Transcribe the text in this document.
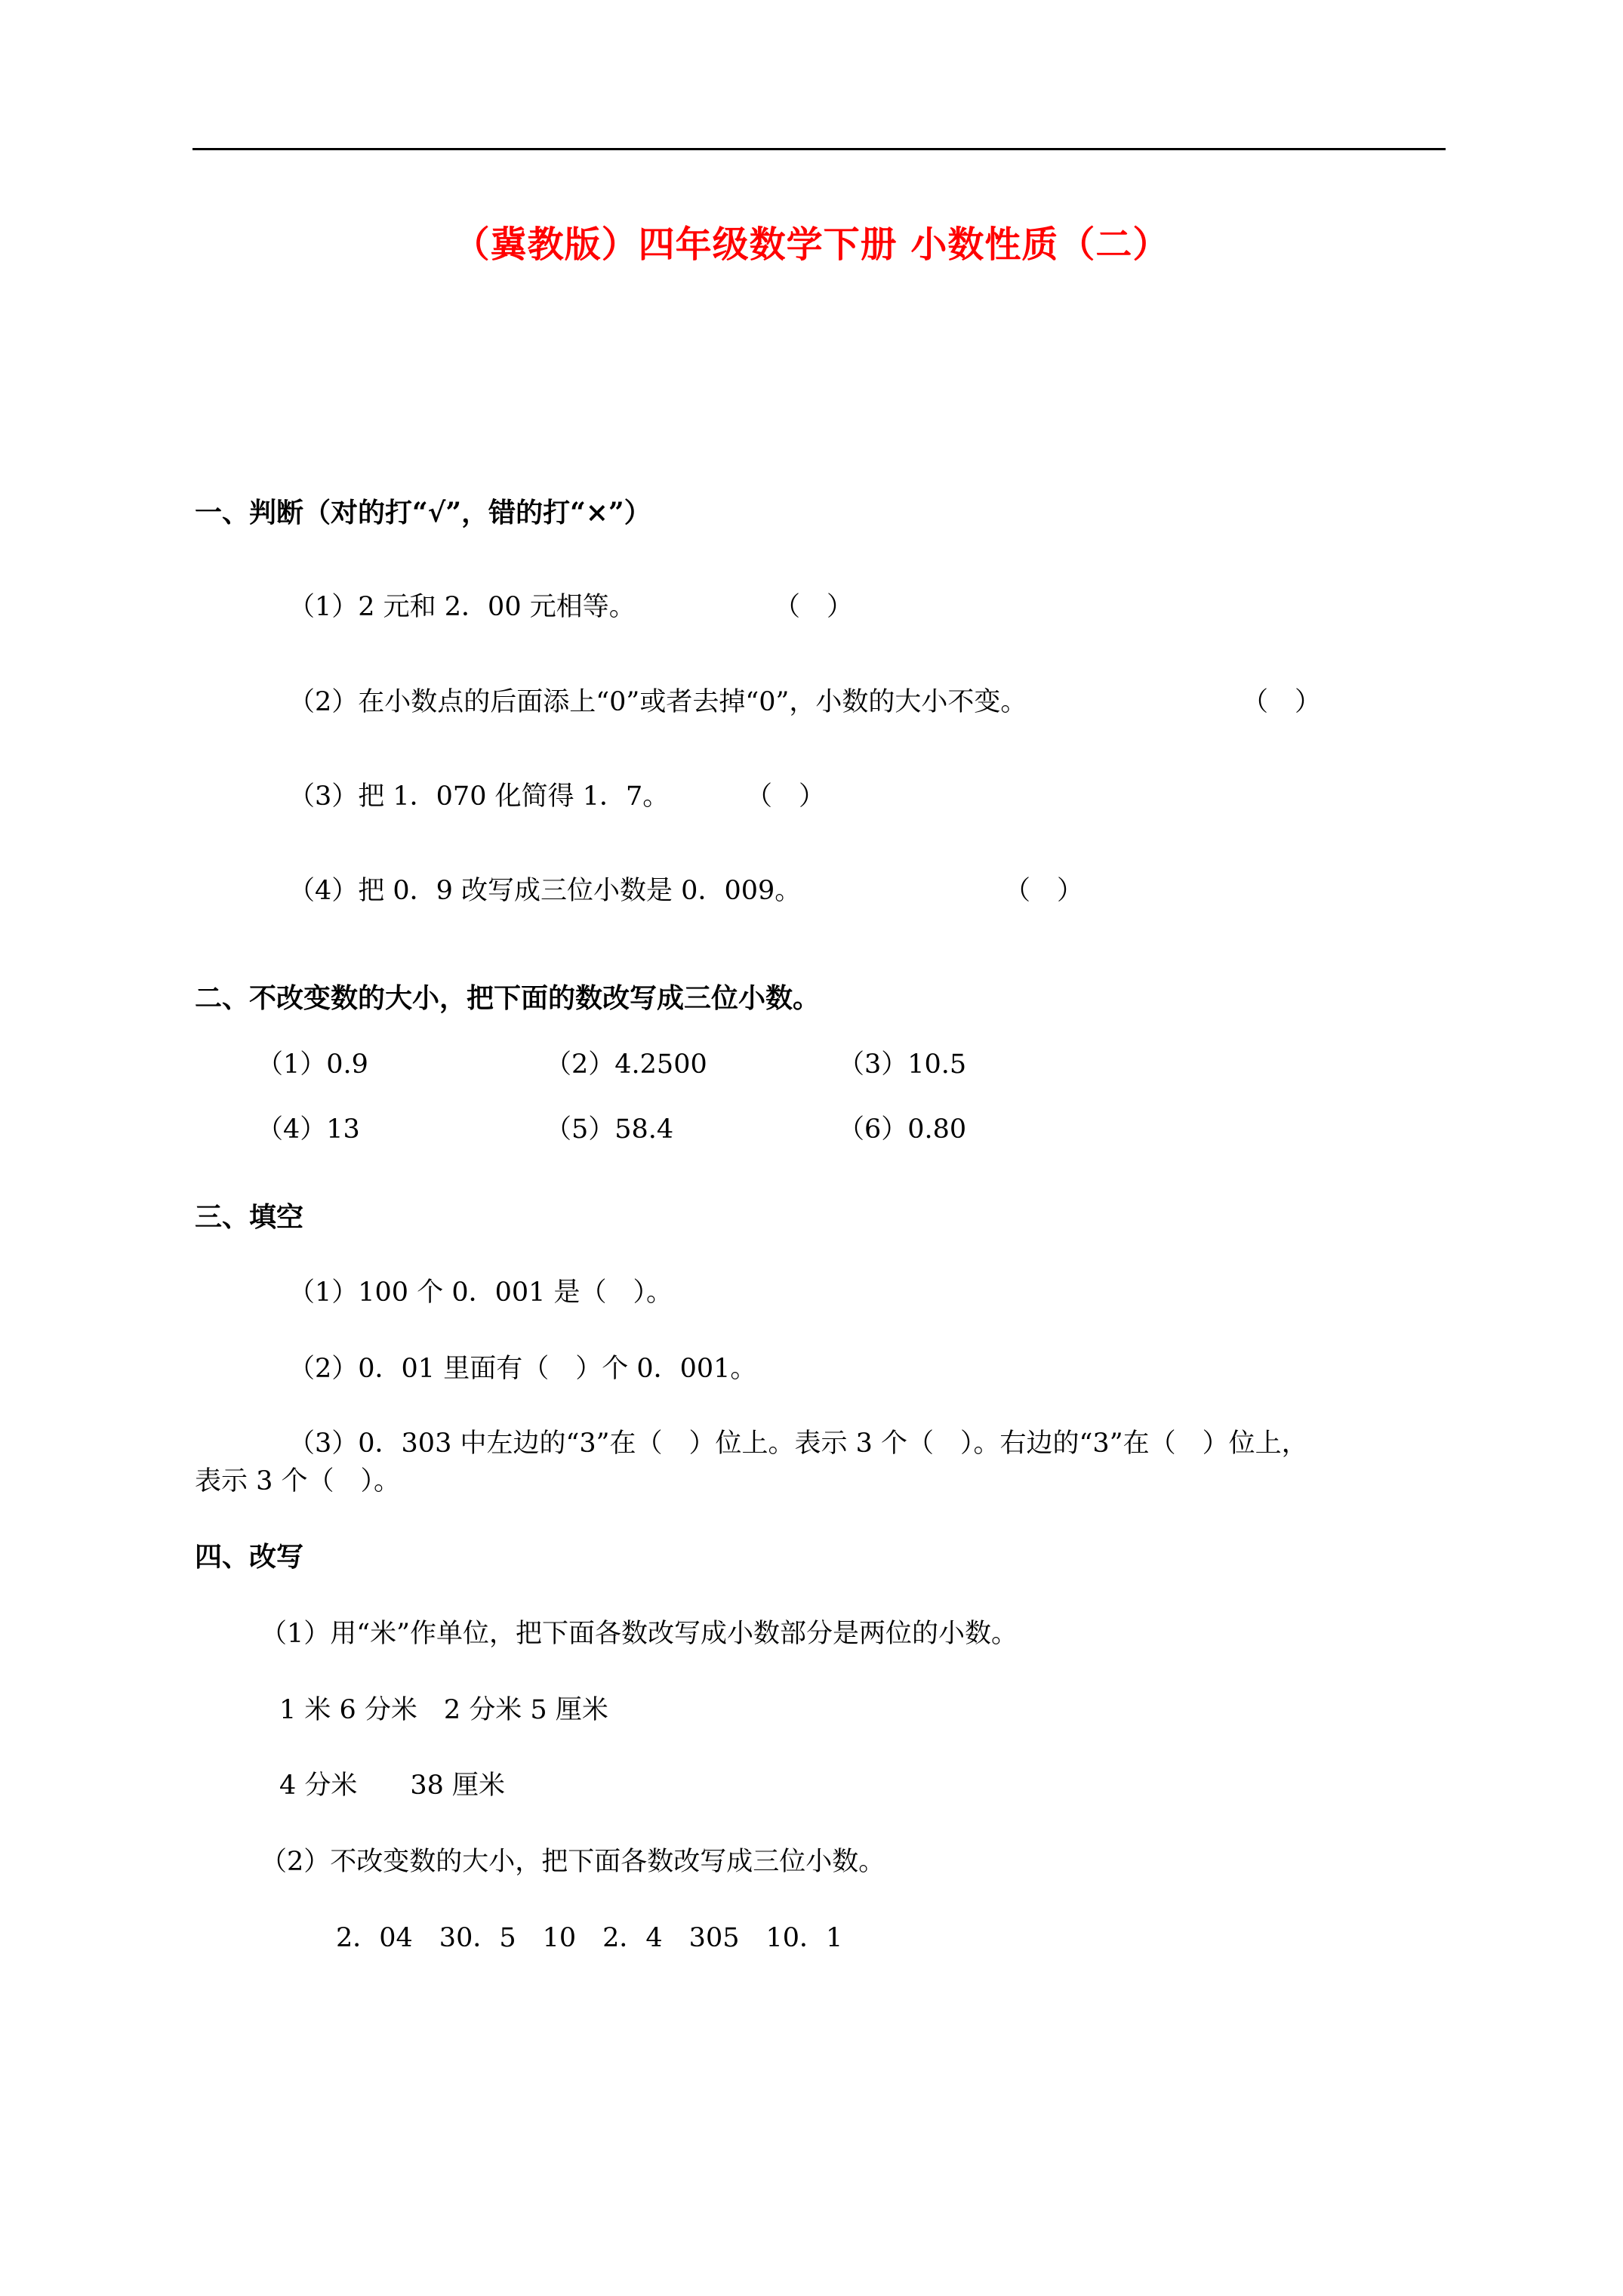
（冀教版）四年级数学下册 小数性质（二）
一、判断（对的打“√”，错的打“×”）
（1）2 元和 2．00 元相等。	（　）
（2）在小数点的后面添上“0”或者去掉“0”，小数的大小不变。	（　）
（3）把 1．070 化简得 1．7。	（　）
（4）把 0．9 改写成三位小数是 0．009。	（　）
二、不改变数的大小，把下面的数改写成三位小数。
（1）0.9	（2）4.2500	（3）10.5
（4）13	（5）58.4	（6）0.80
三、填空
（1）100 个 0．001 是（　）。
（2）0．01 里面有（　）个 0．001。
（3）0．303 中左边的“3”在（　）位上。表示 3 个（　）。右边的“3”在（　）位上，
表示 3 个（　）。
四、改写
（1）用“米”作单位，把下面各数改写成小数部分是两位的小数。
1 米 6 分米　2 分米 5 厘米
4 分米　　38 厘米
（2）不改变数的大小，把下面各数改写成三位小数。
2．04　30．5　10　2．4　305　10．1
